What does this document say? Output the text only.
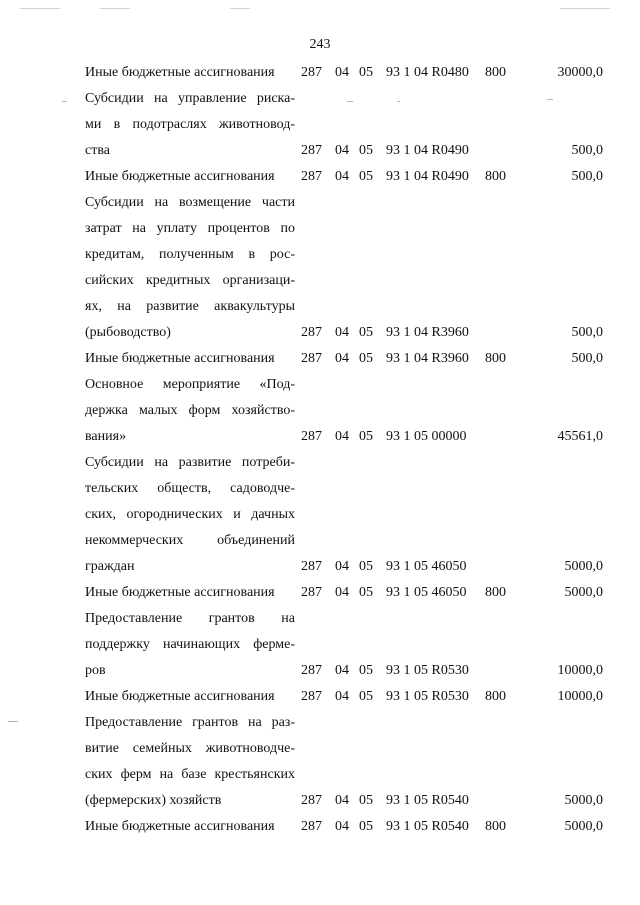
243
Иные бюджетные ассигнования	287 04 05 93 1 04 R0480 800	30000,0
Субсидии на управление риска-
ми в подотраслях животновод-
ства	287 04 05 93 1 04 R0490	500,0
Иные бюджетные ассигнования	287 04 05 93 1 04 R0490 800	500,0
Субсидии на возмещение части
затрат на уплату процентов по
кредитам, полученным в рос-
сийских кредитных организаци-
ях, на развитие аквакультуры
(рыбоводство)	287 04 05 93 1 04 R3960	500,0
Иные бюджетные ассигнования	287 04 05 93 1 04 R3960 800	500,0
Основное мероприятие «Под-
держка малых форм хозяйство-
вания»	287 04 05 93 1 05 00000	45561,0
Субсидии на развитие потреби-
тельских обществ, садоводче-
ских, огороднических и дачных
некоммерческих объединений
граждан	287 04 05 93 1 05 46050	5000,0
Иные бюджетные ассигнования	287 04 05 93 1 05 46050 800	5000,0
Предоставление грантов на
поддержку начинающих фермe-
ров	287 04 05 93 1 05 R0530	10000,0
Иные бюджетные ассигнования	287 04 05 93 1 05 R0530 800	10000,0
Предоставление грантов на раз-
витие семейных животноводче-
ских ферм на базе крестьянских
(фермерских) хозяйств	287 04 05 93 1 05 R0540	5000,0
Иные бюджетные ассигнования	287 04 05 93 1 05 R0540 800	5000,0
